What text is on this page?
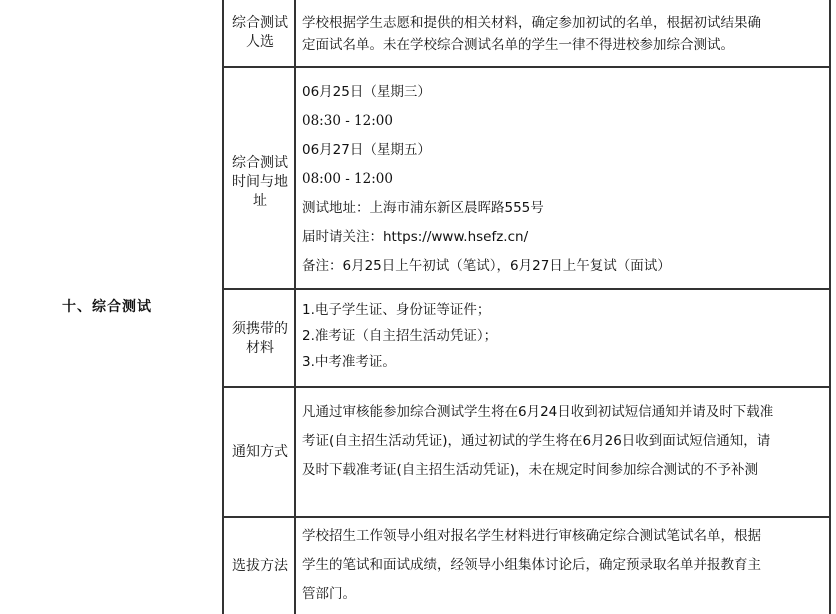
十、综合测试
综合测试
人选
学校根据学生志愿和提供的相关材料，确定参加初试的名单，根据初试结果确
定面试名单。未在学校综合测试名单的学生一律不得进校参加综合测试。
综合测试
时间与地
址
06月25日（星期三）
08:30 - 12:00
06月27日（星期五）
08:00 - 12:00
测试地址：上海市浦东新区晨晖路555号
届时请关注：https://www.hsefz.cn/
备注：6月25日上午初试（笔试），6月27日上午复试（面试）
须携带的
材料
1.电子学生证、身份证等证件；
2.准考证（自主招生活动凭证）；
3.中考准考证。
通知方式
凡通过审核能参加综合测试学生将在6月24日收到初试短信通知并请及时下载准
考证(自主招生活动凭证)，通过初试的学生将在6月26日收到面试短信通知，请
及时下载准考证(自主招生活动凭证)，未在规定时间参加综合测试的不予补测
选拔方法
学校招生工作领导小组对报名学生材料进行审核确定综合测试笔试名单，根据
学生的笔试和面试成绩，经领导小组集体讨论后，确定预录取名单并报教育主
管部门。
